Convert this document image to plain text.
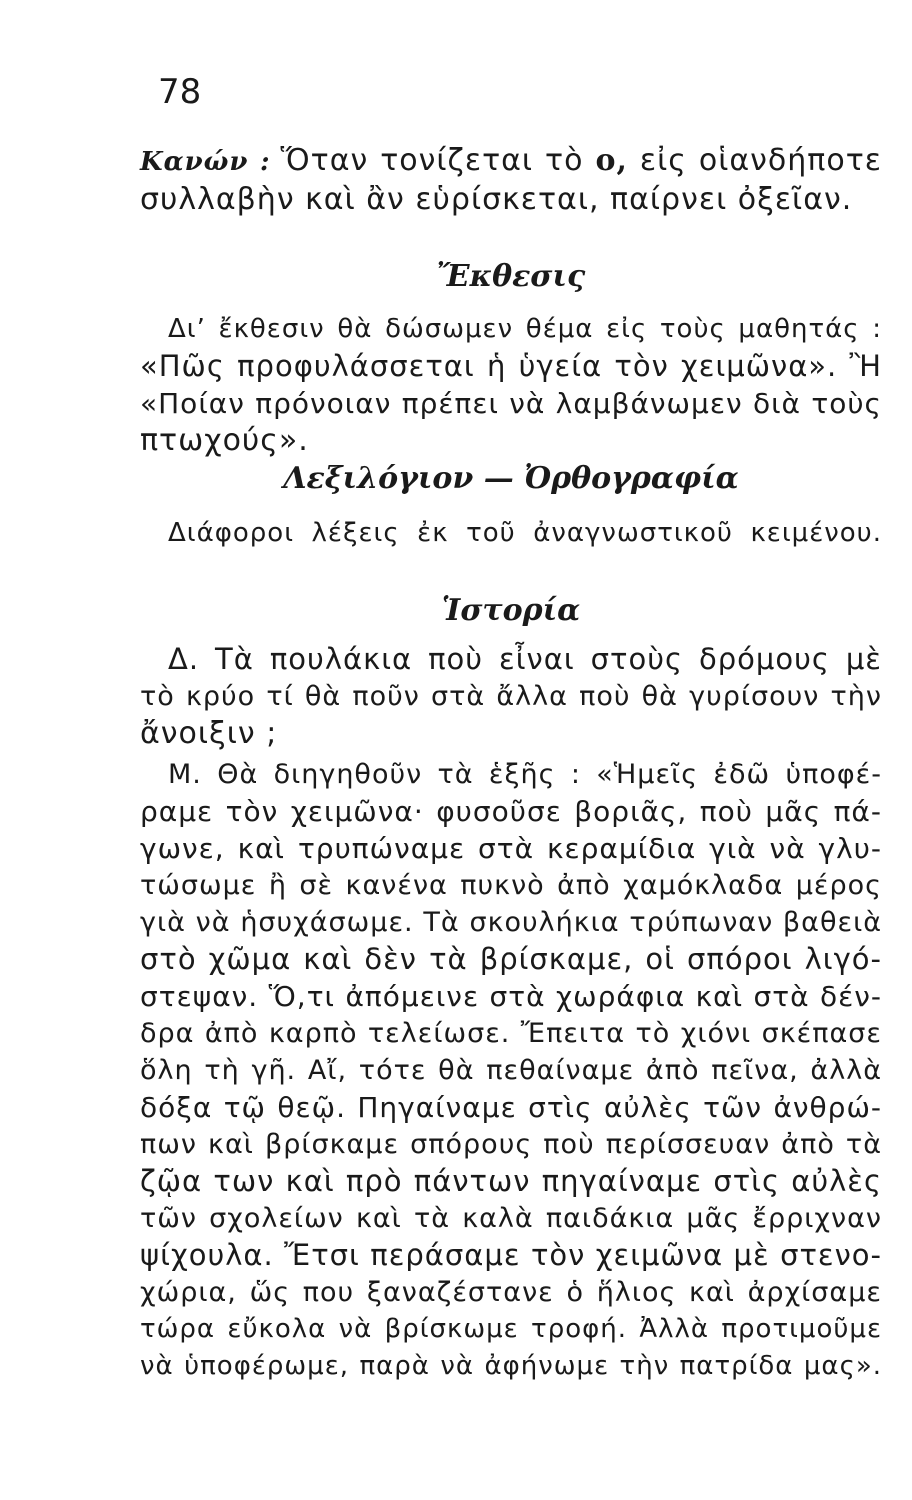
78
Κανών : Ὅταν τονίζεται τὸ ο, εἰς οἱανδήποτε
συλλαβὴν καὶ ἂν εὑρίσκεται, παίρνει ὀξεῖαν.
Ἔκθεσις
Δι’ ἔκθεσιν θὰ δώσωμεν θέμα εἰς τοὺς μαθητάς :
«Πῶς προφυλάσσεται ἡ ὑγεία τὸν χειμῶνα». Ἢ
«Ποίαν πρόνοιαν πρέπει νὰ λαμβάνωμεν διὰ τοὺς
πτωχούς».
Λεξιλόγιον — Ὀρθογραφία
Διάφοροι λέξεις ἐκ τοῦ ἀναγνωστικοῦ κειμένου.
Ἱστορία
Δ. Τὰ πουλάκια ποὺ εἶναι στοὺς δρόμους μὲ
τὸ κρύο τί θὰ ποῦν στὰ ἄλλα ποὺ θὰ γυρίσουν τὴν
ἄνοιξιν ;
Μ. Θὰ διηγηθοῦν τὰ ἑξῆς : «Ἡμεῖς ἐδῶ ὑποφέ-
ραμε τὸν χειμῶνα· φυσοῦσε βοριᾶς, ποὺ μᾶς πά-
γωνε, καὶ τρυπώναμε στὰ κεραμίδια γιὰ νὰ γλυ-
τώσωμε ἢ σὲ κανένα πυκνὸ ἀπὸ χαμόκλαδα μέρος
γιὰ νὰ ἡσυχάσωμε. Τὰ σκουλήκια τρύπωναν βαθειὰ
στὸ χῶμα καὶ δὲν τὰ βρίσκαμε, οἱ σπόροι λιγό-
στεψαν. Ὅ,τι ἀπόμεινε στὰ χωράφια καὶ στὰ δέν-
δρα ἀπὸ καρπὸ τελείωσε. Ἔπειτα τὸ χιόνι σκέπασε
ὅλη τὴ γῆ. Αἴ, τότε θὰ πεθαίναμε ἀπὸ πεῖνα, ἀλλὰ
δόξα τῷ θεῷ. Πηγαίναμε στὶς αὐλὲς τῶν ἀνθρώ-
πων καὶ βρίσκαμε σπόρους ποὺ περίσσευαν ἀπὸ τὰ
ζῷα των καὶ πρὸ πάντων πηγαίναμε στὶς αὐλὲς
τῶν σχολείων καὶ τὰ καλὰ παιδάκια μᾶς ἔρριχναν
ψίχουλα. Ἔτσι περάσαμε τὸν χειμῶνα μὲ στενο-
χώρια, ὥς που ξαναζέστανε ὁ ἥλιος καὶ ἀρχίσαμε
τώρα εὔκολα νὰ βρίσκωμε τροφή. Ἀλλὰ προτιμοῦμε
νὰ ὑποφέρωμε, παρὰ νὰ ἀφήνωμε τὴν πατρίδα μας».
